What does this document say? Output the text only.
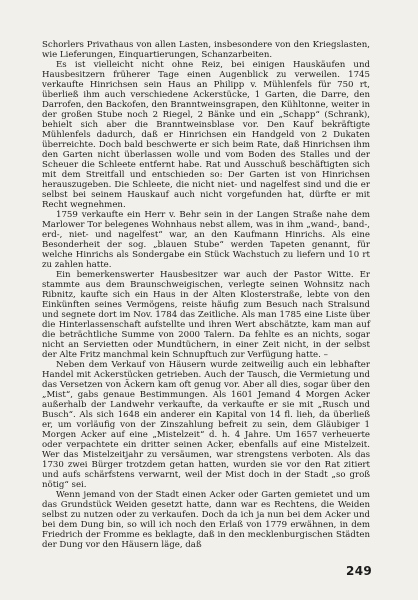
Schorlers Privathaus von allen Lasten, insbesondere von den Kriegslasten, wie Lieferungen, Einquartierungen, Schanzarbeiten.

Es ist vielleicht nicht ohne Reiz, bei einigen Hauskäufen und Hausbesitzern früherer Tage einen Augenblick zu verweilen. 1745 verkaufte Hinrichsen sein Haus an Philipp v. Mühlenfels für 750 rt, überließ ihm auch verschiedene Ackerstücke, 1 Garten, die Darre, den Darrofen, den Backofen, den Branntweinsgrapen, den Kühltonne, weiter in der großen Stube noch 2 Riegel, 2 Bänke und ein „Schapp“ (Schrank), behielt sich aber die Branntweinsblase vor. Den Kauf bekräftigte Mühlenfels dadurch, daß er Hinrichsen ein Handgeld von 2 Dukaten überreichte. Doch bald beschwerte er sich beim Rate, daß Hinrichsen ihm den Garten nicht überlassen wolle und vom Boden des Stalles und der Scheuer die Schleete entfernt habe. Rat und Ausschuß beschäftigten sich mit dem Streitfall und entschieden so: Der Garten ist von Hinrichsen herauszugeben. Die Schleete, die nicht niet- und nagelfest sind und die er selbst bei seinem Hauskauf auch nicht vorgefunden hat, dürfte er mit Recht wegnehmen.

1759 verkaufte ein Herr v. Behr sein in der Langen Straße nahe dem Marlower Tor belegenes Wohnhaus nebst allem, was in ihm „wand-, band-, erd-, niet- und nagelfest“ war, an den Kaufmann Hinrichs. Als eine Besonderheit der sog. „blauen Stube“ werden Tapeten genannt, für welche Hinrichs als Sondergabe ein Stück Wachstuch zu liefern und 10 rt zu zahlen hatte.

Ein bemerkenswerter Hausbesitzer war auch der Pastor Witte. Er stammte aus dem Braunschweigischen, verlegte seinen Wohnsitz nach Ribnitz, kaufte sich ein Haus in der Alten Klosterstraße, lebte von den Einkünften seines Vermögens, reiste häufig zum Besuch nach Stralsund und segnete dort im Nov. 1784 das Zeitliche. Als man 1785 eine Liste über die Hinterlassenschaft aufstellte und ihren Wert abschätzte, kam man auf die beträchtliche Summe von 2000 Talern. Da fehlte es an nichts, sogar nicht an Servietten oder Mundtüchern, in einer Zeit nicht, in der selbst der Alte Fritz manchmal kein Schnupftuch zur Verfügung hatte. –

Neben dem Verkauf von Häusern wurde zeitweilig auch ein lebhafter Handel mit Ackerstücken getrieben. Auch der Tausch, die Vermietung und das Versetzen von Äckern kam oft genug vor. Aber all dies, sogar über den „Mist“, gabs genaue Bestimmungen. Als 1601 Jemand 4 Morgen Acker außerhalb der Landwehr verkaufte, da verkaufte er sie mit „Rusch und Busch“. Als sich 1648 ein anderer ein Kapital von 14 fl. lieh, da überließ er, um vorläufig von der Zinszahlung befreit zu sein, dem Gläubiger 1 Morgen Acker auf eine „Mistelzeit“ d. h. 4 Jahre. Um 1657 verheuerte oder verpachtete ein dritter seinen Acker, ebenfalls auf eine Mistelzeit. Wer das Mistelzeitjahr zu versäumen, war strengstens verboten. Als das 1730 zwei Bürger trotzdem getan hatten, wurden sie vor den Rat zitiert und aufs schärfstens verwarnt, weil der Mist doch in der Stadt „so groß nötig“ sei.

Wenn jemand von der Stadt einen Acker oder Garten gemietet und um das Grundstück Weiden gesetzt hatte, dann war es Rechtens, die Weiden selbst zu nutzen oder zu verkaufen. Doch da ich ja nun bei dem Acker und bei dem Dung bin, so will ich noch den Erlaß von 1779 erwähnen, in dem Friedrich der Fromme es beklagte, daß in den mecklenburgischen Städten der Dung vor den Häusern läge, daß

249
